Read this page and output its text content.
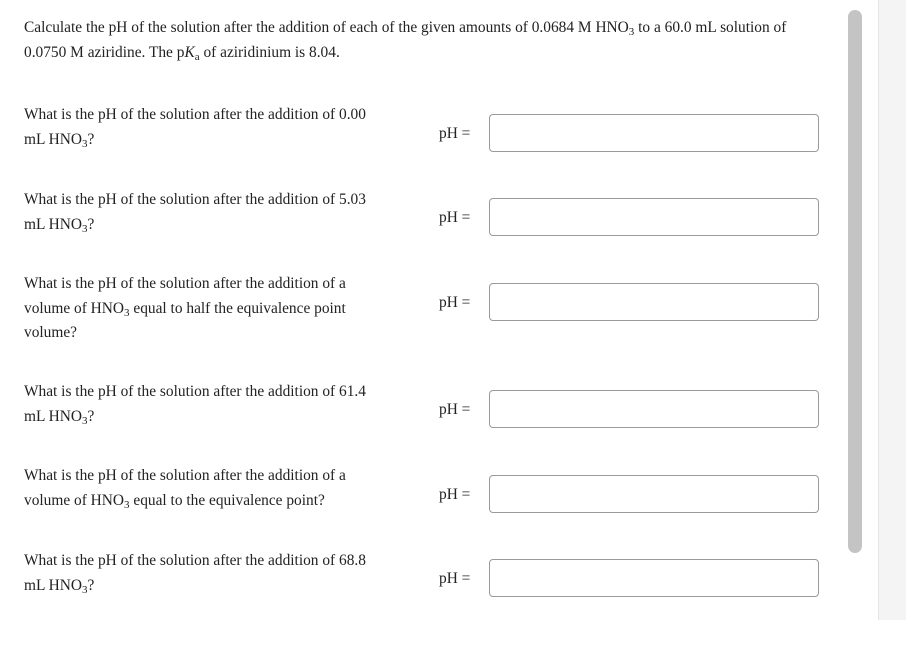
Calculate the pH of the solution after the addition of each of the given amounts of 0.0684 M $HNO_3$ to a 60.0 mL solution of 0.0750 M aziridine. The $pK_a$ of aziridinium is 8.04.
What is the pH of the solution after the addition of 0.00 mL $HNO_3$?	pH =
What is the pH of the solution after the addition of 5.03 mL $HNO_3$?	pH =
What is the pH of the solution after the addition of a volume of $HNO_3$ equal to half the equivalence point volume?
pH =
What is the pH of the solution after the addition of 61.4 mL $HNO_3$?	pH =
What is the pH of the solution after the addition of a volume of $HNO_3$ equal to the equivalence point?	pH =
What is the pH of the solution after the addition of 68.8 mL $HNO_3$?	pH =
